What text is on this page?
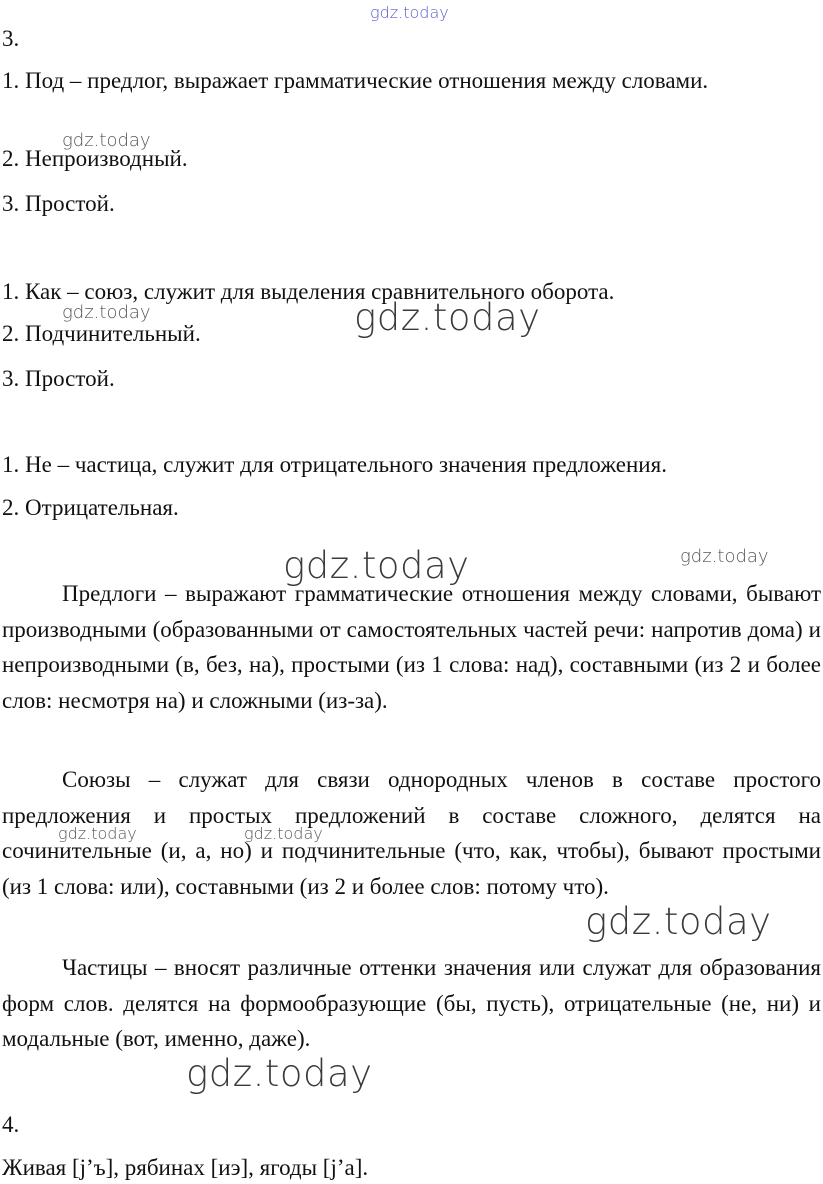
gdz.today
gdz.today
gdz.today	gdz.today
gdz.today	gdz.today
gdz.today	gdz.today
gdz.today
gdz.today
3.
1. Под – предлог, выражает грамматические отношения между словами.
2. Непроизводный.
3. Простой.
1. Как – союз, служит для выделения сравнительного оборота.
2. Подчинительный.
3. Простой.
1. Не – частица, служит для отрицательного значения предложения.
2. Отрицательная.
Предлоги – выражают грамматические отношения между словами, бывают производными (образованными от самостоятельных частей речи: напротив дома) и непроизводными (в, без, на), простыми (из 1 слова: над), составными (из 2 и более слов: несмотря на) и сложными (из-за).
Союзы – служат для связи однородных членов в составе простого предложения и простых предложений в составе сложного, делятся на сочинительные (и, а, но) и подчинительные (что, как, чтобы), бывают простыми (из 1 слова: или), составными (из 2 и более слов: потому что).
Частицы – вносят различные оттенки значения или служат для образования форм слов. делятся на формообразующие (бы, пусть), отрицательные (не, ни) и модальные (вот, именно, даже).
4.
Живая [j’ъ], рябинах [иэ], ягоды [j’а].
